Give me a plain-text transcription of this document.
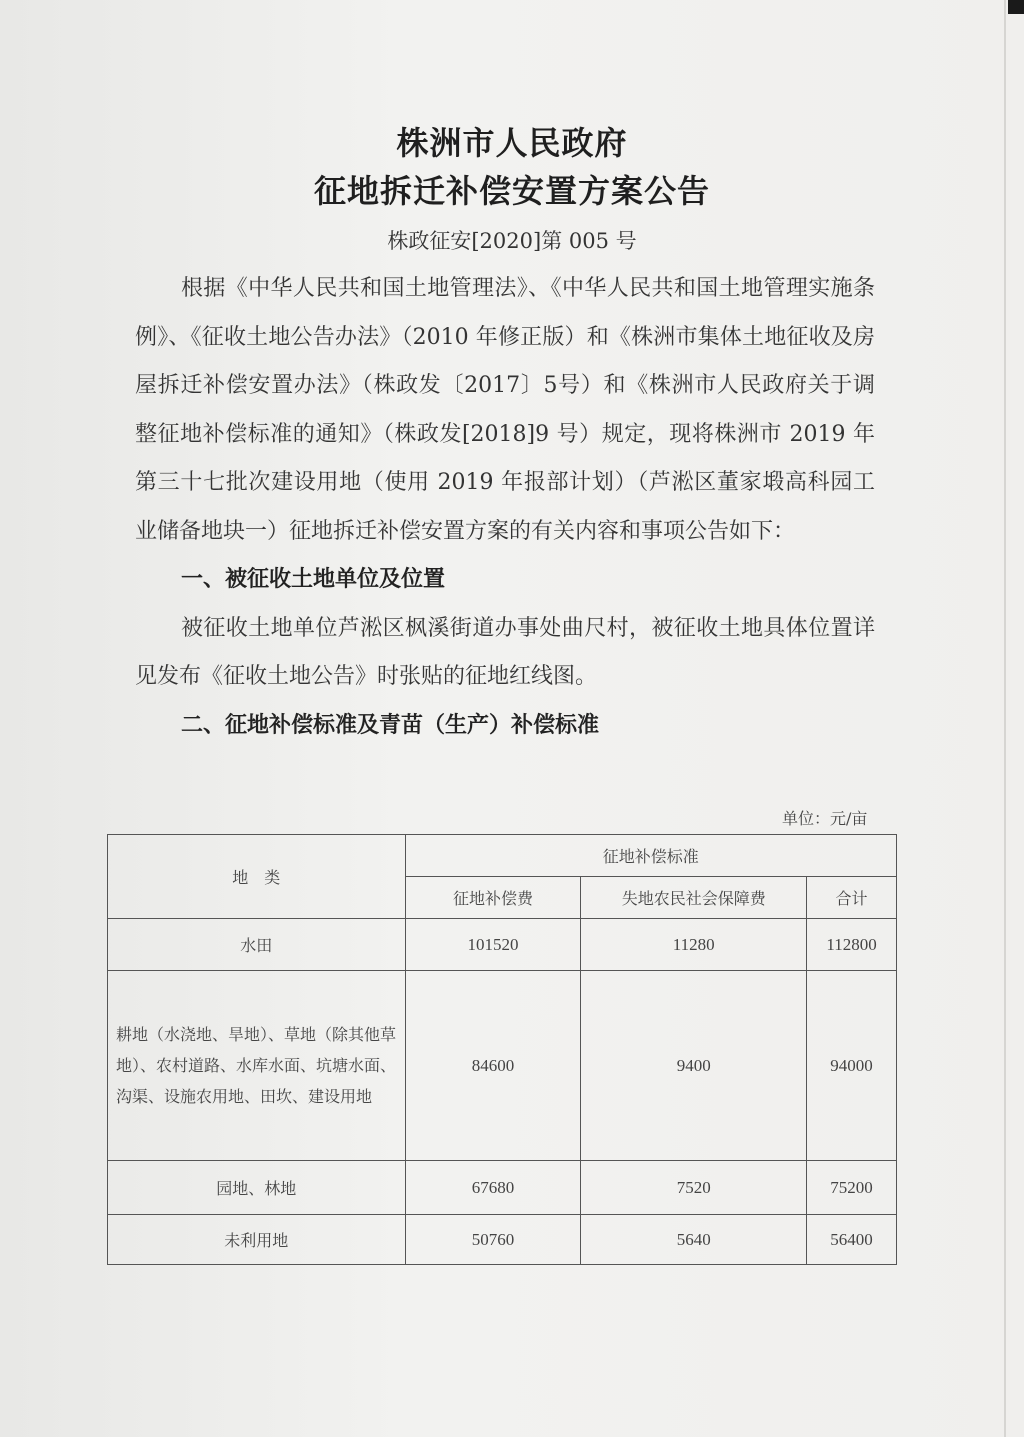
株洲市人民政府
征地拆迁补偿安置方案公告
株政征安[2020]第 005 号

根据《中华人民共和国土地管理法》、《中华人民共和国土地管理实施条例》、《征收土地公告办法》（2010 年修正版）和《株洲市集体土地征收及房屋拆迁补偿安置办法》（株政发〔2017〕5号）和《株洲市人民政府关于调整征地补偿标准的通知》（株政发[2018]9 号）规定，现将株洲市 2019 年第三十七批次建设用地（使用 2019 年报部计划）（芦淞区董家塅高科园工业储备地块一）征地拆迁补偿安置方案的有关内容和事项公告如下：

一、被征收土地单位及位置

被征收土地单位芦淞区枫溪街道办事处曲尺村，被征收土地具体位置详见发布《征收土地公告》时张贴的征地红线图。

二、征地补偿标准及青苗（生产）补偿标准
单位：元/亩
地　类	征地补偿标准		
	征地补偿费	失地农民社会保障费	合计
水田	101520	11280	112800
耕地（水浇地、旱地）、草地（除其他草地）、农村道路、水库水面、坑塘水面、沟渠、设施农用地、田坎、建设用地	84600	9400	94000
园地、林地	67680	7520	75200
未利用地	50760	5640	56400
